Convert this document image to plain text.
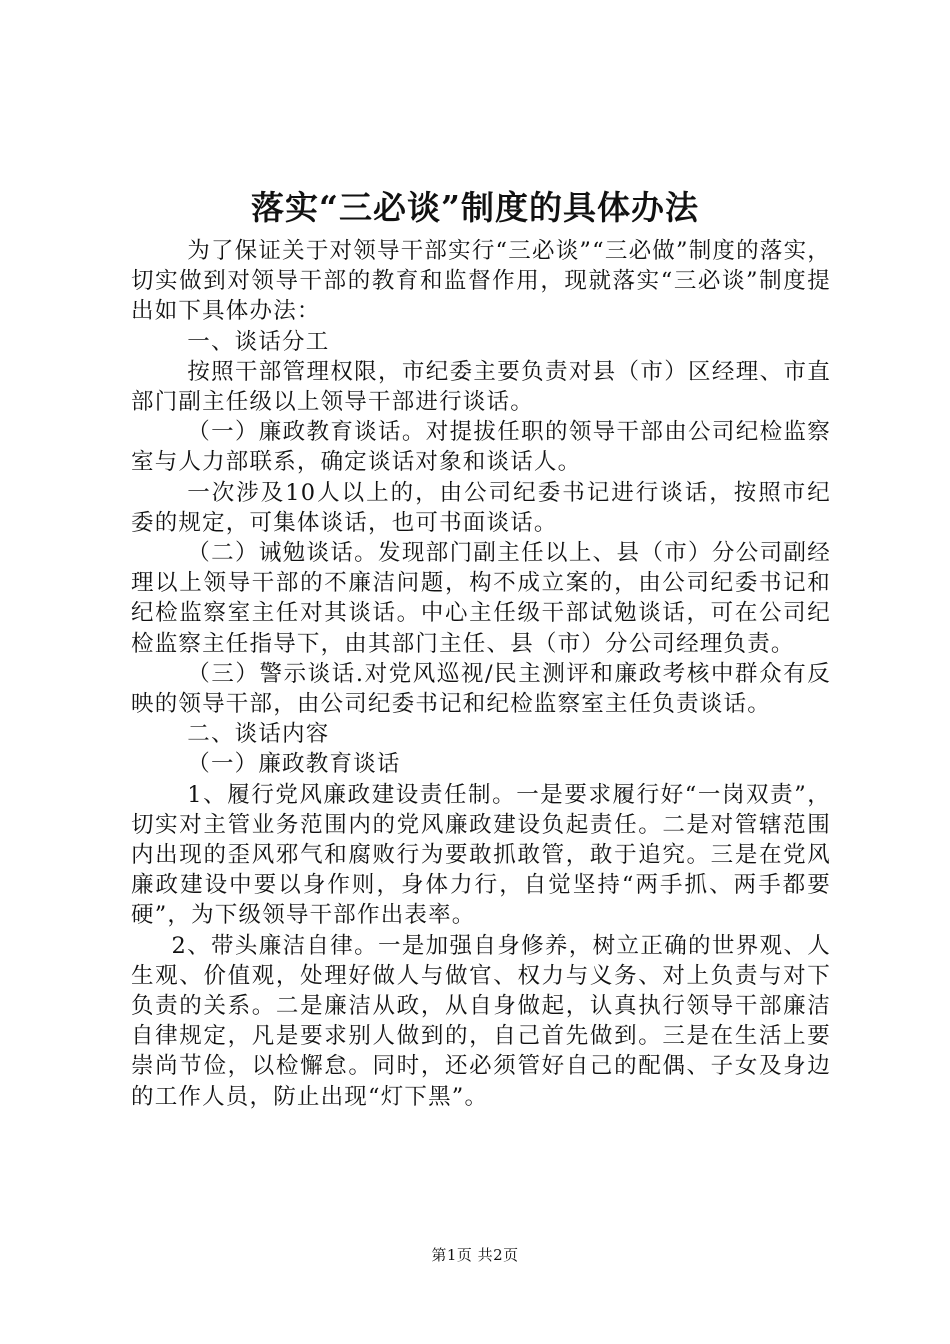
落实“三必谈”制度的具体办法

为了保证关于对领导干部实行“三必谈”“三必做”制度的落实，切实做到对领导干部的教育和监督作用，现就落实“三必谈”制度提出如下具体办法：

一、谈话分工

按照干部管理权限，市纪委主要负责对县（市）区经理、市直部门副主任级以上领导干部进行谈话。

（一）廉政教育谈话。对提拔任职的领导干部由公司纪检监察室与人力部联系，确定谈话对象和谈话人。

一次涉及10人以上的，由公司纪委书记进行谈话，按照市纪委的规定，可集体谈话，也可书面谈话。

（二）诫勉谈话。发现部门副主任以上、县（市）分公司副经理以上领导干部的不廉洁问题，构不成立案的，由公司纪委书记和纪检监察室主任对其谈话。中心主任级干部试勉谈话，可在公司纪检监察主任指导下，由其部门主任、县（市）分公司经理负责。

（三）警示谈话.对党风巡视/民主测评和廉政考核中群众有反映的领导干部，由公司纪委书记和纪检监察室主任负责谈话。

二、谈话内容

（一）廉政教育谈话

1、履行党风廉政建设责任制。一是要求履行好“一岗双责”，切实对主管业务范围内的党风廉政建设负起责任。二是对管辖范围内出现的歪风邪气和腐败行为要敢抓敢管，敢于追究。三是在党风廉政建设中要以身作则，身体力行，自觉坚持“两手抓、两手都要硬”，为下级领导干部作出表率。

2、带头廉洁自律。一是加强自身修养，树立正确的世界观、人生观、价值观，处理好做人与做官、权力与义务、对上负责与对下负责的关系。二是廉洁从政，从自身做起，认真执行领导干部廉洁自律规定，凡是要求别人做到的，自己首先做到。三是在生活上要崇尚节俭，以检懈怠。同时，还必须管好自己的配偶、子女及身边的工作人员，防止出现“灯下黑”。

第1页 共2页
